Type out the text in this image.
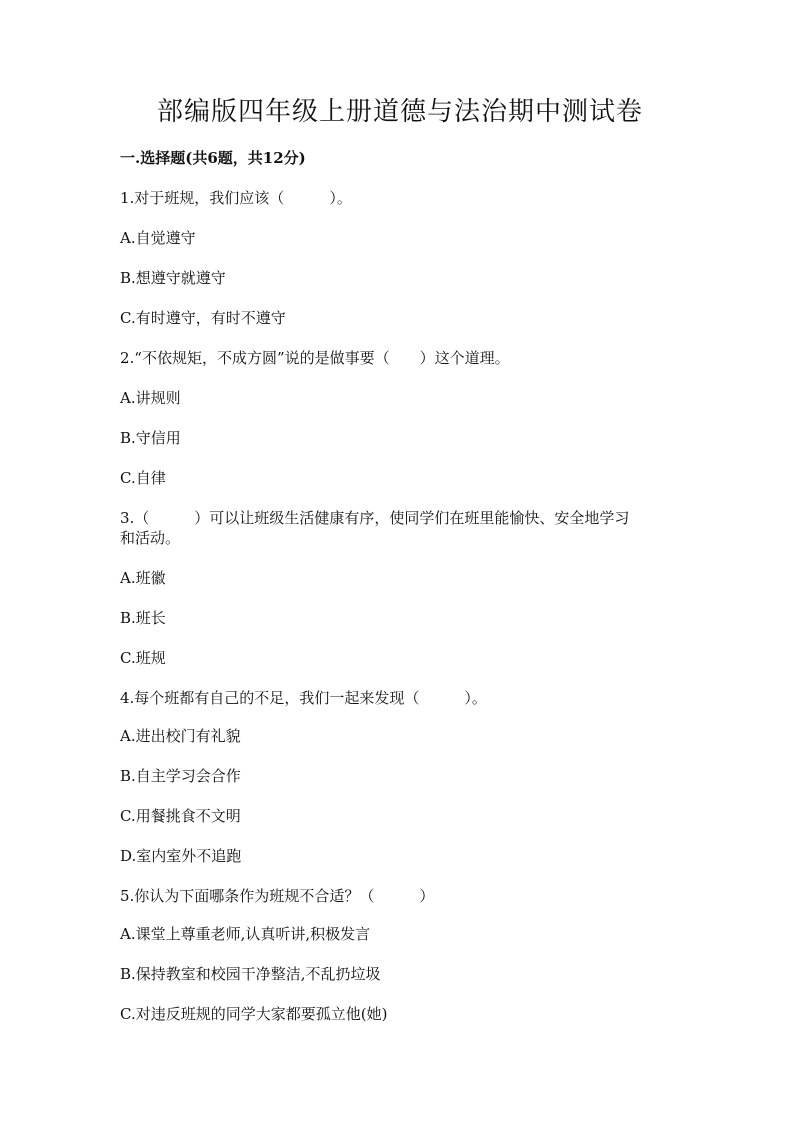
部编版四年级上册道德与法治期中测试卷
一.选择题(共6题，共12分)
1.对于班规，我们应该（　　　）。
A.自觉遵守
B.想遵守就遵守
C.有时遵守，有时不遵守
2.“不依规矩，不成方圆”说的是做事要（　　）这个道理。
A.讲规则
B.守信用
C.自律
3.（　　　）可以让班级生活健康有序，使同学们在班里能愉快、安全地学习
和活动。
A.班徽
B.班长
C.班规
4.每个班都有自己的不足，我们一起来发现（　　　）。
A.进出校门有礼貌
B.自主学习会合作
C.用餐挑食不文明
D.室内室外不追跑
5.你认为下面哪条作为班规不合适？（　　　）
A.课堂上尊重老师,认真听讲,积极发言
B.保持教室和校园干净整洁,不乱扔垃圾
C.对违反班规的同学大家都要孤立他(她)
